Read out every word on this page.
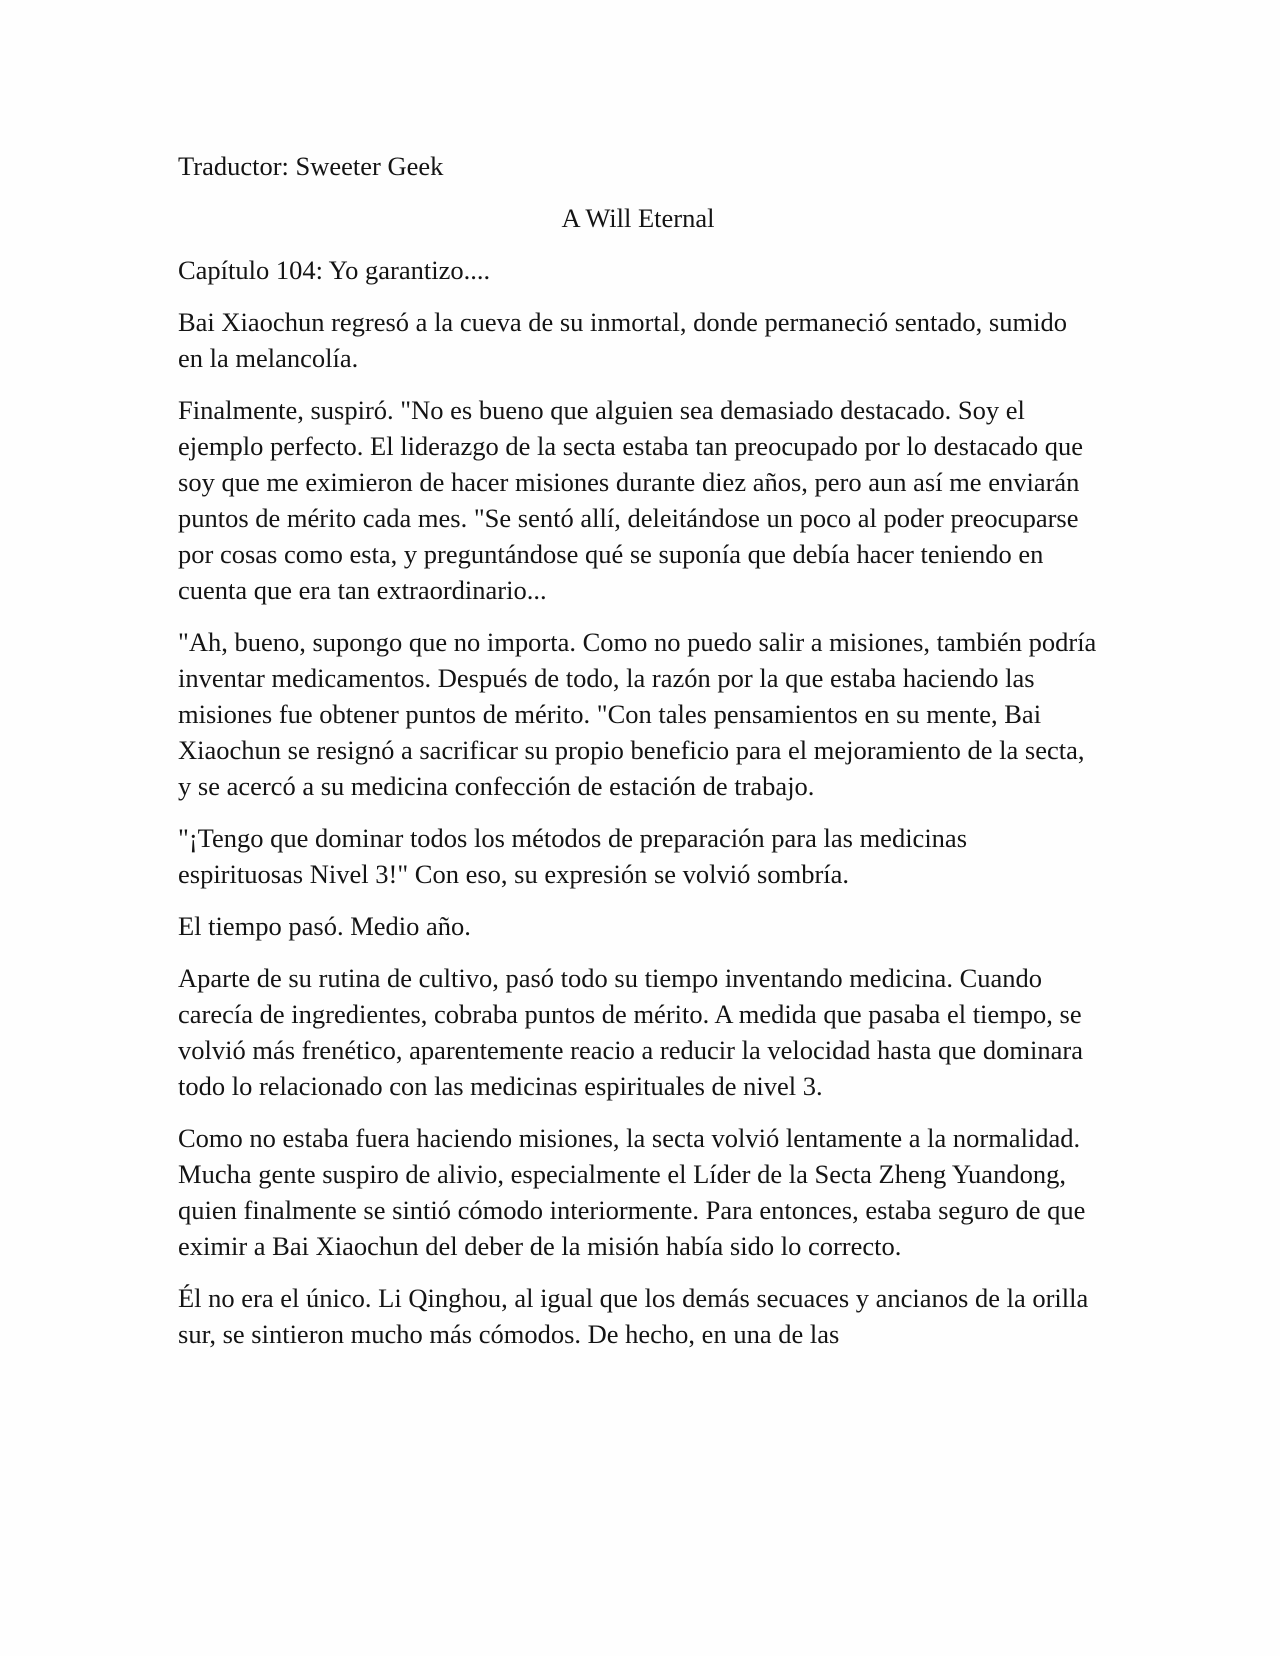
Traductor: Sweeter Geek

A Will Eternal

Capítulo 104: Yo garantizo....

Bai Xiaochun regresó a la cueva de su inmortal, donde permaneció sentado, sumido en la melancolía.

Finalmente, suspiró. "No es bueno que alguien sea demasiado destacado. Soy el ejemplo perfecto. El liderazgo de la secta estaba tan preocupado por lo destacado que soy que me eximieron de hacer misiones durante diez años, pero aun así me enviarán puntos de mérito cada mes. "Se sentó allí, deleitándose un poco al poder preocuparse por cosas como esta, y preguntándose qué se suponía que debía hacer teniendo en cuenta que era tan extraordinario...

"Ah, bueno, supongo que no importa. Como no puedo salir a misiones, también podría inventar medicamentos. Después de todo, la razón por la que estaba haciendo las misiones fue obtener puntos de mérito. "Con tales pensamientos en su mente, Bai Xiaochun se resignó a sacrificar su propio beneficio para el mejoramiento de la secta, y se acercó a su medicina confección de estación de trabajo.

"¡Tengo que dominar todos los métodos de preparación para las medicinas espirituosas Nivel 3!" Con eso, su expresión se volvió sombría.

El tiempo pasó. Medio año.

Aparte de su rutina de cultivo, pasó todo su tiempo inventando medicina. Cuando carecía de ingredientes, cobraba puntos de mérito. A medida que pasaba el tiempo, se volvió más frenético, aparentemente reacio a reducir la velocidad hasta que dominara todo lo relacionado con las medicinas espirituales de nivel 3.

Como no estaba fuera haciendo misiones, la secta volvió lentamente a la normalidad. Mucha gente suspiro de alivio, especialmente el Líder de la Secta Zheng Yuandong, quien finalmente se sintió cómodo interiormente. Para entonces, estaba seguro de que eximir a Bai Xiaochun del deber de la misión había sido lo correcto.

Él no era el único. Li Qinghou, al igual que los demás secuaces y ancianos de la orilla sur, se sintieron mucho más cómodos. De hecho, en una de las
